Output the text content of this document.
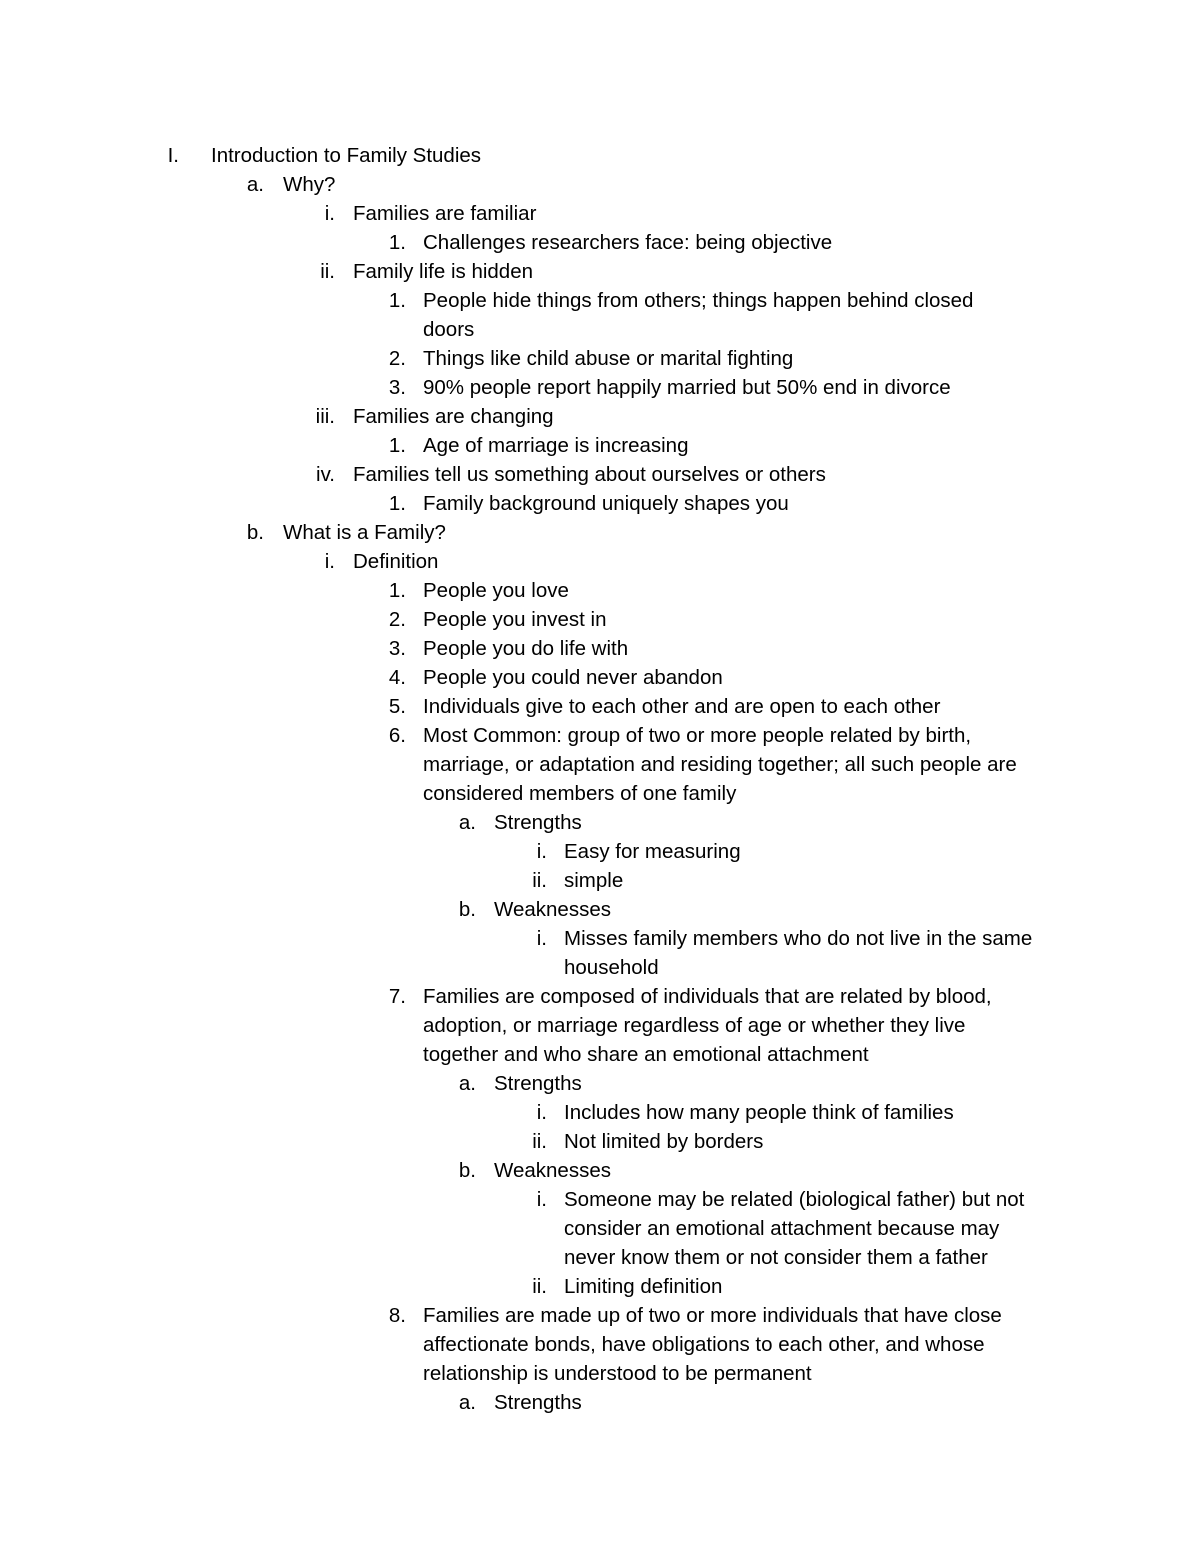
I. Introduction to Family Studies
a. Why?
i. Families are familiar
1. Challenges researchers face: being objective
ii. Family life is hidden
1. People hide things from others; things happen behind closed
doors
2. Things like child abuse or marital fighting
3. 90% people report happily married but 50% end in divorce
iii. Families are changing
1. Age of marriage is increasing
iv. Families tell us something about ourselves or others
1. Family background uniquely shapes you
b. What is a Family?
i. Definition
1. People you love
2. People you invest in
3. People you do life with
4. People you could never abandon
5. Individuals give to each other and are open to each other
6. Most Common: group of two or more people related by birth,
marriage, or adaptation and residing together; all such people are
considered members of one family
a. Strengths
i. Easy for measuring
ii. simple
b. Weaknesses
i. Misses family members who do not live in the same
household
7. Families are composed of individuals that are related by blood,
adoption, or marriage regardless of age or whether they live
together and who share an emotional attachment
a. Strengths
i. Includes how many people think of families
ii. Not limited by borders
b. Weaknesses
i. Someone may be related (biological father) but not
consider an emotional attachment because may
never know them or not consider them a father
ii. Limiting definition
8. Families are made up of two or more individuals that have close
affectionate bonds, have obligations to each other, and whose
relationship is understood to be permanent
a. Strengths
